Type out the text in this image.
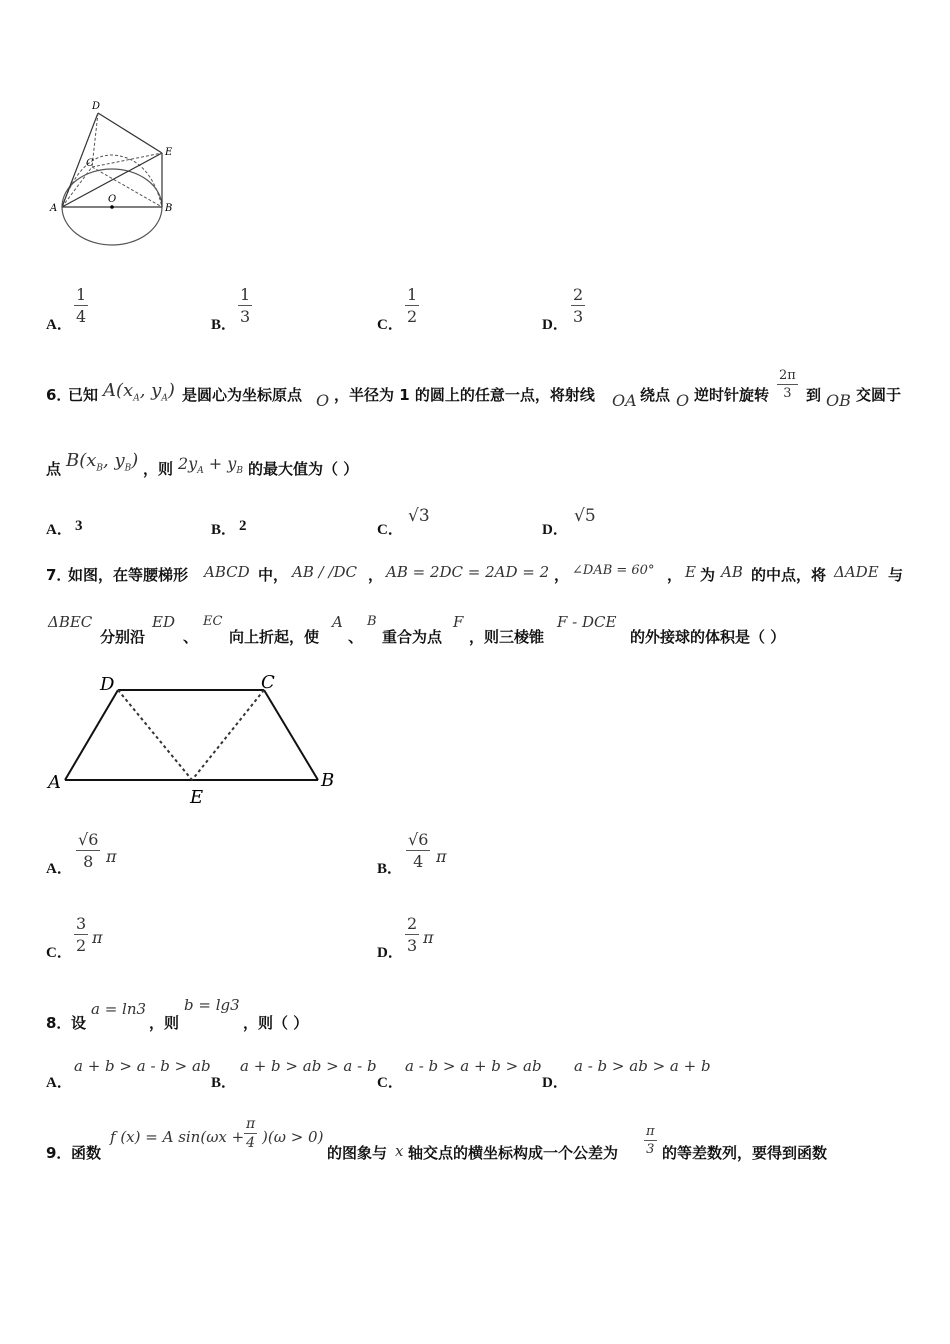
D
E
C
A
O
B
A． $\frac{1}{4}$	B． $\frac{1}{3}$	C． $\frac{1}{2}$	D． $\frac{2}{3}$
6．
已知 $A(x_A$, $y_A$) 是圆心为坐标原点 O ，半径为 1 的圆上的任意一点，将射线 OA 绕点 O 逆时针旋转 $\frac{2\pi}{3}$ 到 OB 交圆于
点 $B(x_B$, $y_B$) ，则 $2y_A + y_B$ 的最大值为（ ）
A． 3	B． 2	C．
√3
D．
√5
7．
如图，在等腰梯形 ABCD 中， AB / /DC ， AB = 2DC = 2AD = 2 ， ∠DAB = 60° ， E 为 AB 的中点，将 ΔADE 与
ΔBEC
分别沿
ED
、
EC
向上折起，使
A
、
B
重合为点
F
，则三棱锥
F - DCE
的外接球的体积是（ ）
D	C
A
E
B
A． $\frac{√6}{8}$ π
B． $\frac{√6}{4}$ π
C． $\frac{3}{2}$ π
D． $\frac{2}{3}$ π
8． 设
a = ln3
，则
b = lg3
，则（ ）
A．
a + b > a - b > ab
B．
a + b > ab > a - b
C．
a - b > a + b > ab
D．
a - b > ab > a + b
9． 函数
f (x) = A $\sin(\omega x + \frac{\pi}{4} )(\omega > 0)$
的图象与 x 轴交点的横坐标构成一个公差为 $\frac{\pi}{3}$ 的等差数列，要得到函数
